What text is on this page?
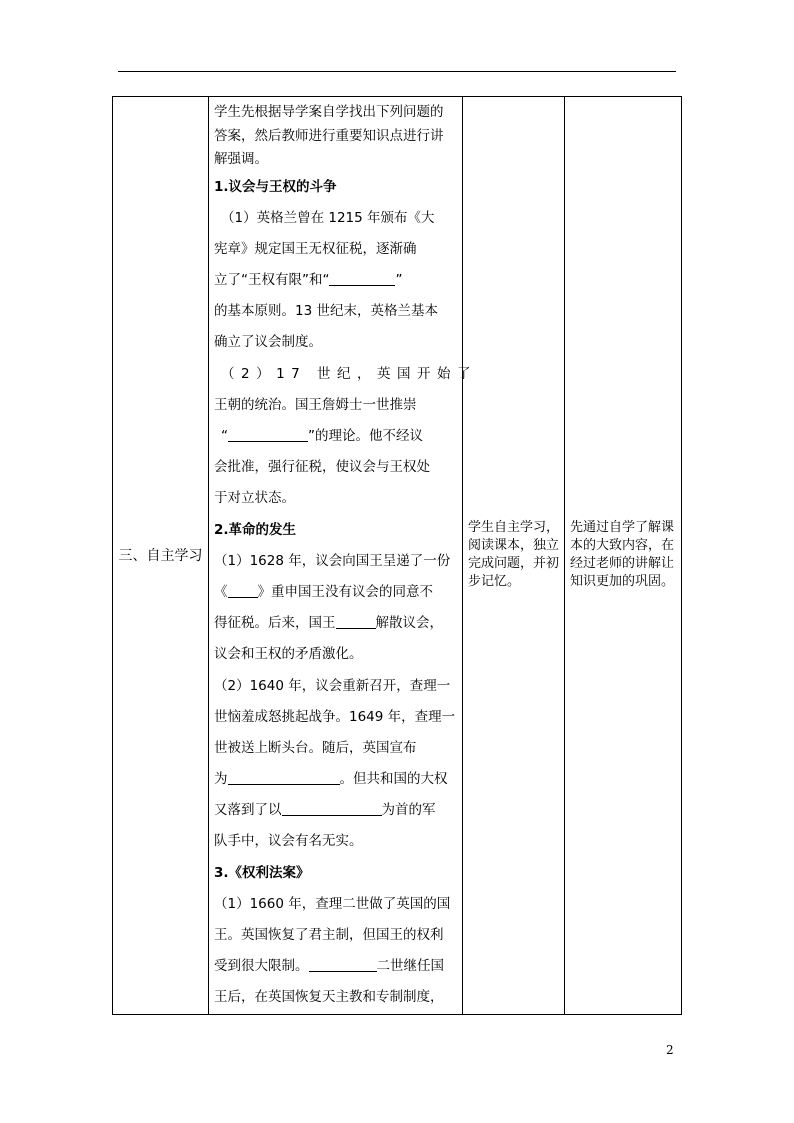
三、自主学习	
学生先根据导学案自学找出下列问题的
答案，然后教师进行重要知识点进行讲
解强调。
1.议会与王权的斗争
（1）英格兰曾在 1215 年颁布《大
宪章》规定国王无权征税，逐渐确
立了“王权有限”和“	”
的基本原则。13 世纪末，英格兰基本
确立了议会制度。
（2）17 世纪，英国开始了
王朝的统治。国王詹姆士一世推崇
“	”的理论。他不经议
会批准，强行征税，使议会与王权处
于对立状态。
2.革命的发生
（1）1628 年，议会向国王呈递了一份
《 》重申国王没有议会的同意不
得征税。后来，国王	解散议会，
议会和王权的矛盾激化。
（2）1640 年，议会重新召开，查理一
世恼羞成怒挑起战争。1649 年，查理一
世被送上断头台。随后，英国宣布
为	。但共和国的大权
又落到了以	为首的军
队手中，议会有名无实。
3.《权利法案》
（1）1660 年，查理二世做了英国的国
王。英国恢复了君主制，但国王的权利
受到很大限制。	二世继任国
王后，在英国恢复天主教和专制制度，

学生自主学习，阅读课本，独立完成问题，并初步记忆。

先通过自学了解课本的大致内容，在经过老师的讲解让知识更加的巩固。
2
